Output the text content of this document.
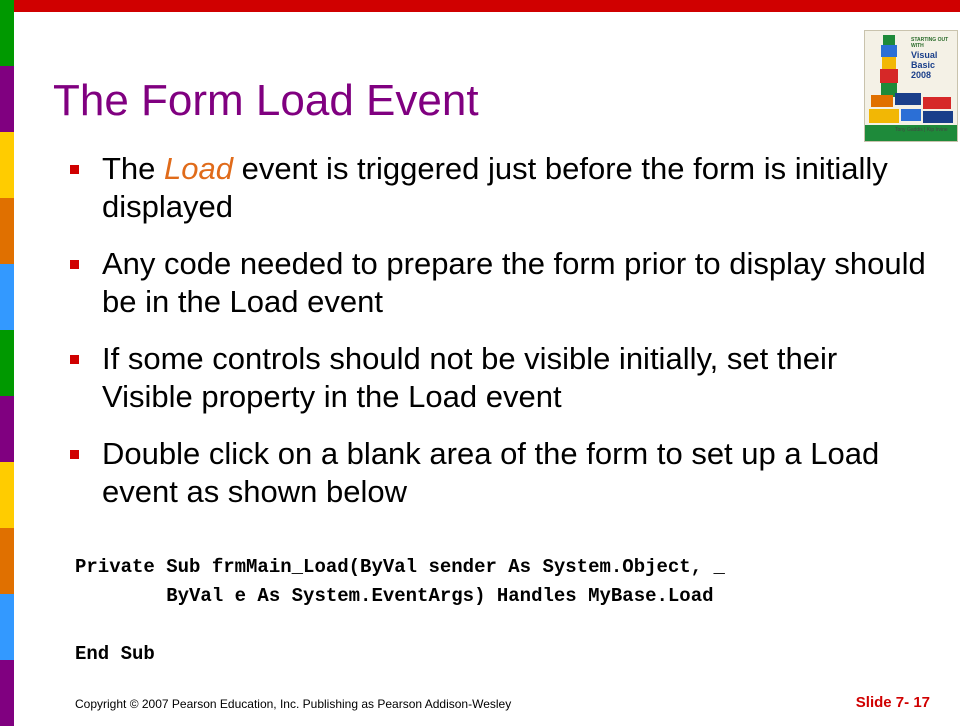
The Form Load Event
STARTING OUT WITH
Visual Basic 2008
Tony Gaddis | Kip Irvine
The Load event is triggered just before the form is initially displayed
Any code needed to prepare the form prior to display should be in the Load event
If some controls should not be visible initially, set their Visible property in the Load event
Double click on a blank area of the form to set up a Load event as shown below
Private Sub frmMain_Load(ByVal sender As System.Object, _
ByVal e As System.EventArgs) Handles MyBase.Load

End Sub
Copyright © 2007 Pearson Education, Inc. Publishing as Pearson Addison-Wesley	Slide 7- 17
